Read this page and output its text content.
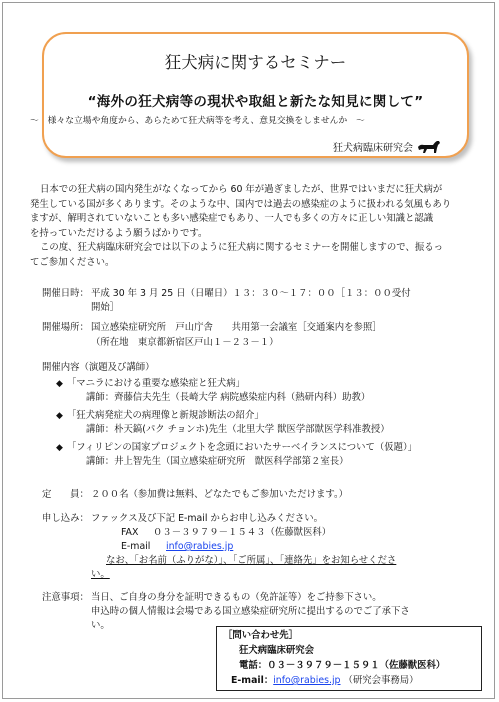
狂犬病に関するセミナー
“海外の狂犬病等の現状や取組と新たな知見に関して”
～　様々な立場や角度から、あらためて狂犬病等を考え、意見交換をしませんか　～
狂犬病臨床研究会
日本での狂犬病の国内発生がなくなってから 60 年が過ぎましたが、世界ではいまだに狂犬病が
発生している国が多くあります。そのような中、国内では過去の感染症のように扱われる気風もあり
ますが、解明されていないことも多い感染症でもあり、一人でも多くの方々に正しい知識と認識
を持っていただけるよう願うばかりです。
この度、狂犬病臨床研究会では以下のように狂犬病に関するセミナーを開催しますので、振るっ
てご参加ください。
開催日時： 平成 30 年 3 月 25 日（日曜日）１３：３０～１７：００［１３：００受付
開始］
開催場所： 国立感染症研究所　戸山庁舎　　共用第一会議室［交通案内を参照］
（所在地　東京都新宿区戸山１－２３－１）
開催内容（演題及び講師）
◆ 「マニラにおける重要な感染症と狂犬病」
講師：齊藤信夫先生（長崎大学 病院感染症内科（熱研内科）助教）
◆ 「狂犬病発症犬の病理像と新規診断法の紹介」
講師：朴天鎬(パク チョンホ)先生（北里大学 獣医学部獣医学科准教授）
◆ 「フィリピンの国家プロジェクトを念頭においたサーベイランスについて（仮題）」
講師：井上智先生（国立感染症研究所　獣医科学部第２室長）
定　　員： ２００名（参加費は無料、どなたでもご参加いただけます。）
申し込み： ファックス及び下記 E-mail からお申し込みください。
FAX ０３－３９７９－１５４３（佐藤獣医科）
E-mail info@rabies.jp
なお、「お名前（ふりがな）」、「ご所属」、「連絡先」をお知らせくださ
い。
注意事項： 当日、ご自身の身分を証明できるもの（免許証等）をご持参下さい。
申込時の個人情報は会場である国立感染症研究所に提出するのでご了承下さ
い。
［問い合わせ先］
狂犬病臨床研究会
電話：０３－３９７９－１５９１（佐藤獣医科）
E-mail：info@rabies.jp （研究会事務局）
